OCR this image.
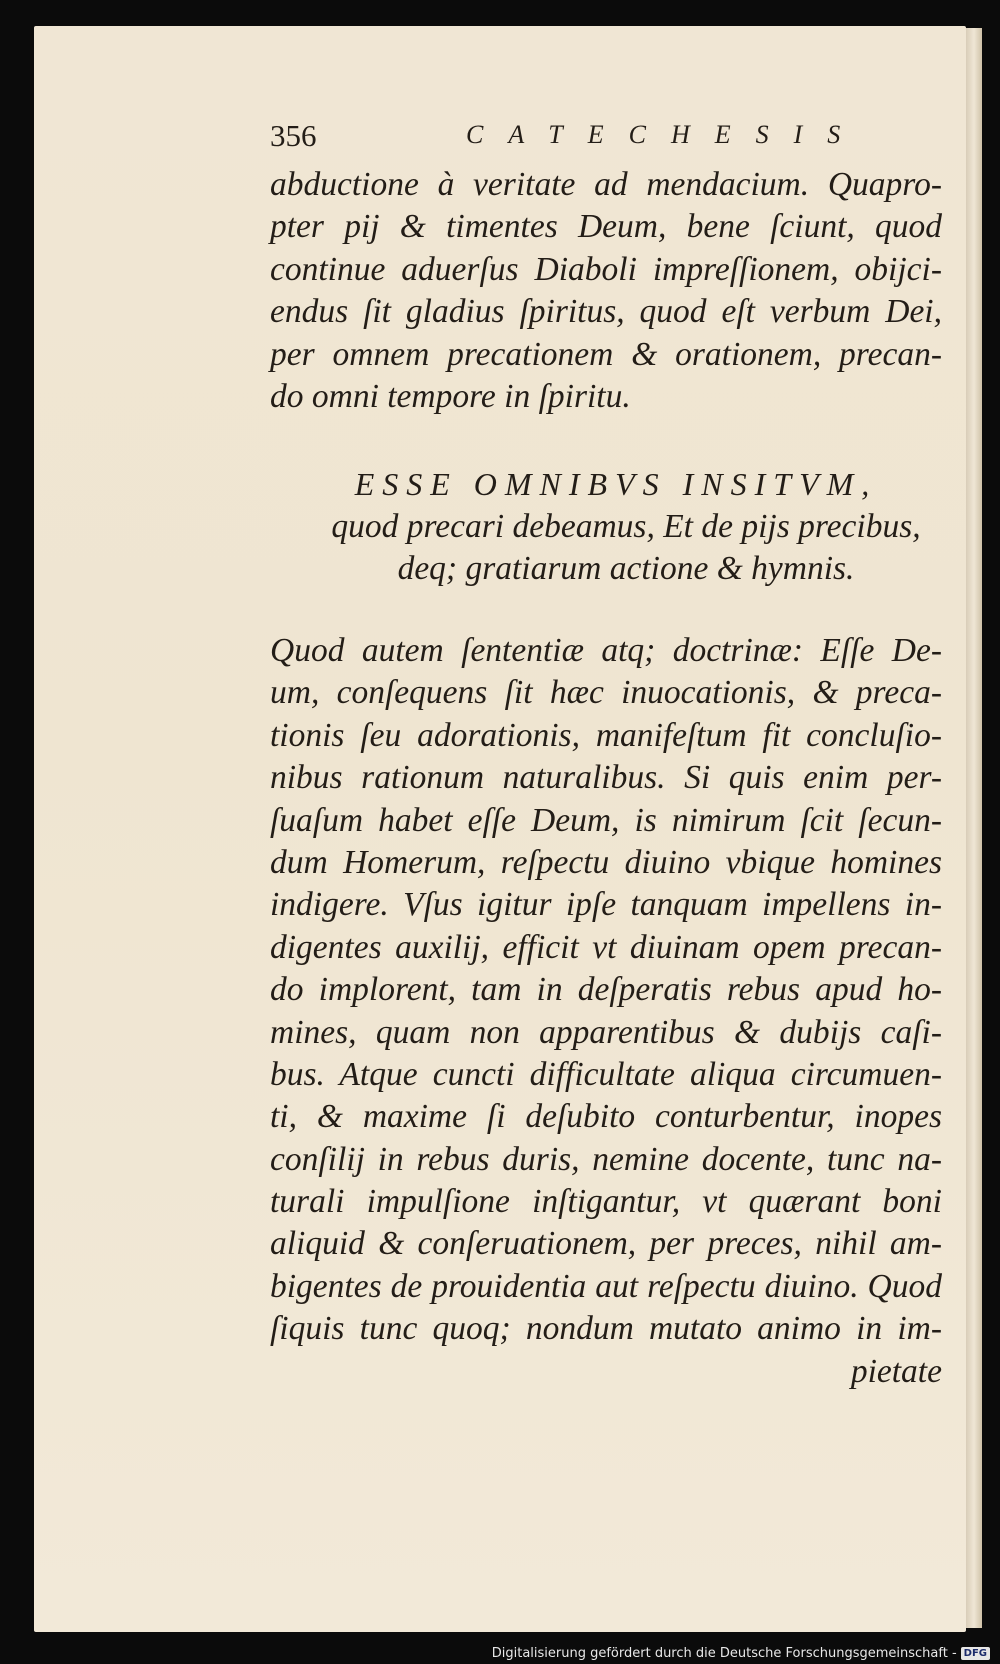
356	CATECHESIS
abductione à veritate ad mendacium. Quapro-
pter pij & timentes Deum, bene ſciunt, quod
continue aduerſus Diaboli impreſſionem, obijci-
endus ſit gladius ſpiritus, quod eſt verbum Dei,
per omnem precationem & orationem, precan-
do omni tempore in ſpiritu.
ESSE OMNIBVS INSITVM,
quod precari debeamus, Et de pijs precibus,
deq; gratiarum actione & hymnis.
Quod autem ſententiæ atq; doctrinæ: Eſſe De-
um, conſequens ſit hæc inuocationis, & preca-
tionis ſeu adorationis, manifeſtum fit concluſio-
nibus rationum naturalibus. Si quis enim per-
ſuaſum habet eſſe Deum, is nimirum ſcit ſecun-
dum Homerum, reſpectu diuino vbique homines
indigere. Vſus igitur ipſe tanquam impellens in-
digentes auxilij, efficit vt diuinam opem precan-
do implorent, tam in deſperatis rebus apud ho-
mines, quam non apparentibus & dubijs caſi-
bus. Atque cuncti difficultate aliqua circumuen-
ti, & maxime ſi deſubito conturbentur, inopes
conſilij in rebus duris, nemine docente, tunc na-
turali impulſione inſtigantur, vt quærant boni
aliquid & conſeruationem, per preces, nihil am-
bigentes de prouidentia aut reſpectu diuino. Quod
ſiquis tunc quoq; nondum mutato animo in im-
pietate
Digitalisierung gefördert durch die Deutsche Forschungsgemeinschaft - DFG
